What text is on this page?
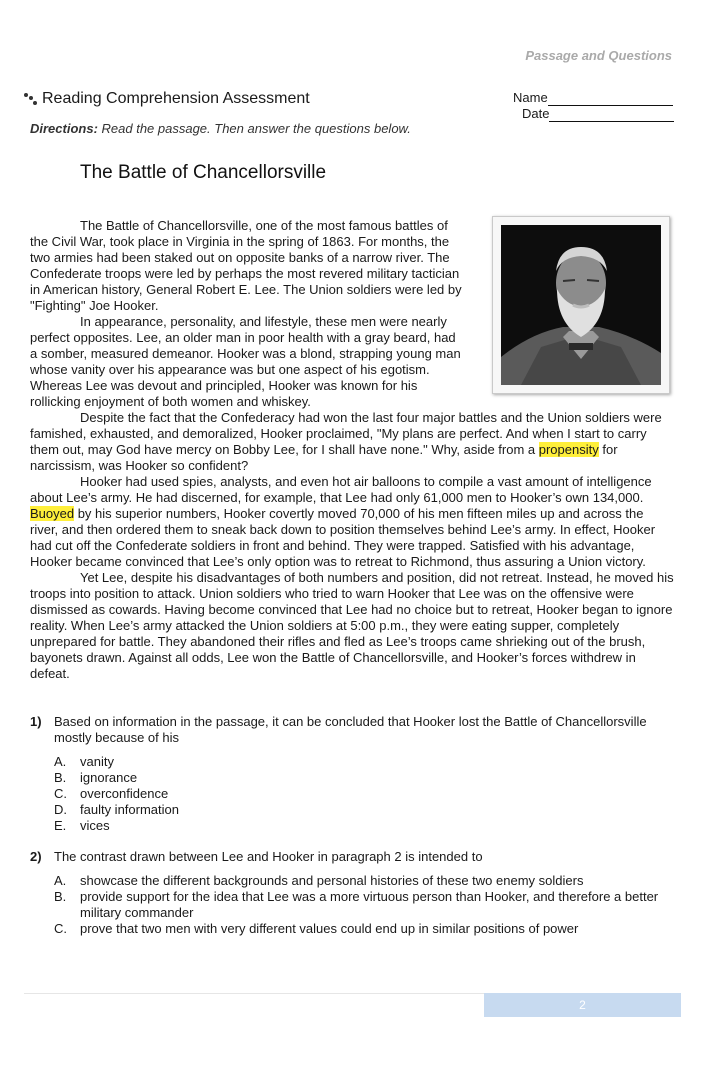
Passage and Questions
Reading Comprehension Assessment	Name
Date
Directions: Read the passage. Then answer the questions below.
The Battle of Chancellorsville

The Battle of Chancellorsville, one of the most famous battles of the Civil War, took place in Virginia in the spring of 1863. For months, the two armies had been staked out on opposite banks of a narrow river. The Confederate troops were led by perhaps the most revered military tactician in American history, General Robert E. Lee. The Union soldiers were led by "Fighting" Joe Hooker.

In appearance, personality, and lifestyle, these men were nearly perfect opposites. Lee, an older man in poor health with a gray beard, had a somber, measured demeanor. Hooker was a blond, strapping young man whose vanity over his appearance was but one aspect of his egotism. Whereas Lee was devout and principled, Hooker was known for his rollicking enjoyment of both women and whiskey.

Despite the fact that the Confederacy had won the last four major battles and the Union soldiers were famished, exhausted, and demoralized, Hooker proclaimed, "My plans are perfect. And when I start to carry them out, may God have mercy on Bobby Lee, for I shall have none." Why, aside from a propensity for narcissism, was Hooker so confident?

Hooker had used spies, analysts, and even hot air balloons to compile a vast amount of intelligence about Lee’s army. He had discerned, for example, that Lee had only 61,000 men to Hooker’s own 134,000. Buoyed by his superior numbers, Hooker covertly moved 70,000 of his men fifteen miles up and across the river, and then ordered them to sneak back down to position themselves behind Lee’s army. In effect, Hooker had cut off the Confederate soldiers in front and behind. They were trapped. Satisfied with his advantage, Hooker became convinced that Lee’s only option was to retreat to Richmond, thus assuring a Union victory.

Yet Lee, despite his disadvantages of both numbers and position, did not retreat. Instead, he moved his troops into position to attack. Union soldiers who tried to warn Hooker that Lee was on the offensive were dismissed as cowards. Having become convinced that Lee had no choice but to retreat, Hooker began to ignore reality. When Lee’s army attacked the Union soldiers at 5:00 p.m., they were eating supper, completely unprepared for battle. They abandoned their rifles and fled as Lee’s troops came shrieking out of the brush, bayonets drawn. Against all odds, Lee won the Battle of Chancellorsville, and Hooker’s forces withdrew in defeat.

1) Based on information in the passage, it can be concluded that Hooker lost the Battle of Chancellorsville mostly because of his
A.	vanity
B.	ignorance
C.	overconfidence
D.	faulty information
E.	vices
2) The contrast drawn between Lee and Hooker in paragraph 2 is intended to
A.	showcase the different backgrounds and personal histories of these two enemy soldiers
B.	provide support for the idea that Lee was a more virtuous person than Hooker, and therefore a better military commander
C.	prove that two men with very different values could end up in similar positions of power
2
